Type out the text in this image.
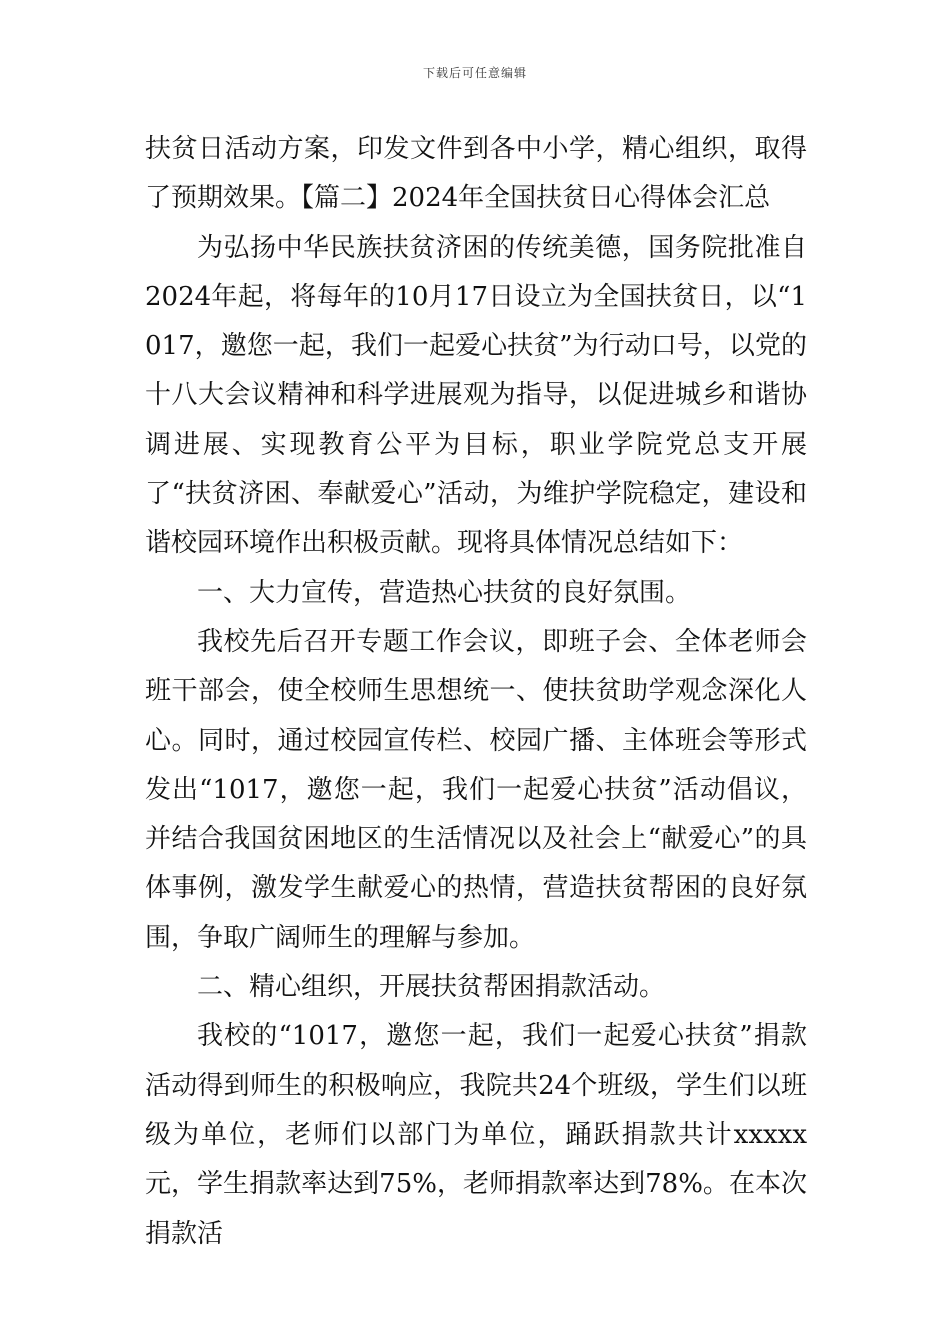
下载后可任意编辑

扶贫日活动方案，印发文件到各中小学，精心组织，取得了预期效果。【篇二】2024年全国扶贫日心得体会汇总

为弘扬中华民族扶贫济困的传统美德，国务院批准自2024年起，将每年的10月17日设立为全国扶贫日，以“1017，邀您一起，我们一起爱心扶贫”为行动口号，以党的十八大会议精神和科学进展观为指导，以促进城乡和谐协调进展、实现教育公平为目标，职业学院党总支开展了“扶贫济困、奉献爱心”活动，为维护学院稳定，建设和谐校园环境作出积极贡献。现将具体情况总结如下：

一、大力宣传，营造热心扶贫的良好氛围。

我校先后召开专题工作会议，即班子会、全体老师会班干部会，使全校师生思想统一、使扶贫助学观念深化人心。同时，通过校园宣传栏、校园广播、主体班会等形式发出“1017，邀您一起，我们一起爱心扶贫”活动倡议，并结合我国贫困地区的生活情况以及社会上“献爱心”的具体事例，激发学生献爱心的热情，营造扶贫帮困的良好氛围，争取广阔师生的理解与参加。

二、精心组织，开展扶贫帮困捐款活动。

我校的“1017，邀您一起，我们一起爱心扶贫”捐款活动得到师生的积极响应，我院共24个班级，学生们以班级为单位，老师们以部门为单位，踊跃捐款共计xxxxx元，学生捐款率达到75%，老师捐款率达到78%。在本次捐款活
